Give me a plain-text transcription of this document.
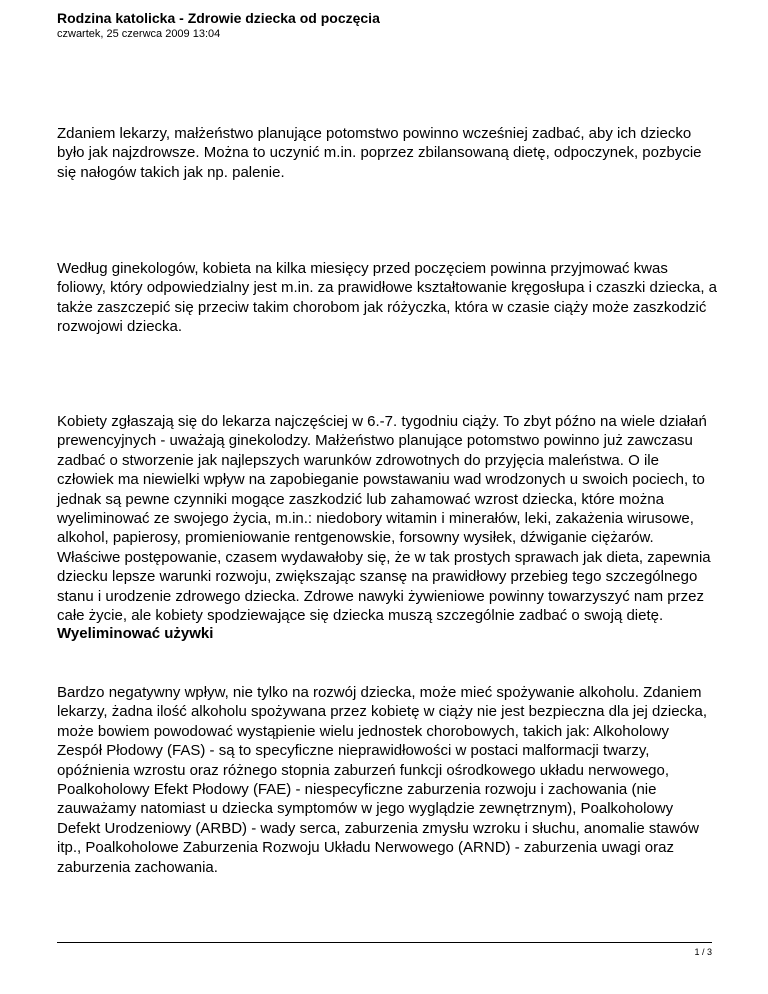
Rodzina katolicka - Zdrowie dziecka od poczęcia

czwartek, 25 czerwca 2009 13:04

Zdaniem lekarzy, małżeństwo planujące potomstwo powinno wcześniej zadbać, aby ich dziecko było jak najzdrowsze. Można to uczynić m.in. poprzez zbilansowaną dietę, odpoczynek, pozbycie się nałogów takich jak np. palenie.

Według ginekologów, kobieta na kilka miesięcy przed poczęciem powinna przyjmować kwas foliowy, który odpowiedzialny jest m.in. za prawidłowe kształtowanie kręgosłupa i czaszki dziecka, a także zaszczepić się przeciw takim chorobom jak różyczka, która w czasie ciąży może zaszkodzić rozwojowi dziecka.

Kobiety zgłaszają się do lekarza najczęściej w 6.-7. tygodniu ciąży. To zbyt późno na wiele działań prewencyjnych - uważają ginekolodzy. Małżeństwo planujące potomstwo powinno już zawczasu zadbać o stworzenie jak najlepszych warunków zdrowotnych do przyjęcia maleństwa. O ile człowiek ma niewielki wpływ na zapobieganie powstawaniu wad wrodzonych u swoich pociech, to jednak są pewne czynniki mogące zaszkodzić lub zahamować wzrost dziecka, które można wyeliminować ze swojego życia, m.in.: niedobory witamin i minerałów, leki, zakażenia wirusowe, alkohol, papierosy, promieniowanie rentgenowskie, forsowny wysiłek, dźwiganie ciężarów. Właściwe postępowanie, czasem wydawałoby się, że w tak prostych sprawach jak dieta, zapewnia dziecku lepsze warunki rozwoju, zwiększając szansę na prawidłowy przebieg tego szczególnego stanu i urodzenie zdrowego dziecka. Zdrowe nawyki żywieniowe powinny towarzyszyć nam przez całe życie, ale kobiety spodziewające się dziecka muszą szczególnie zadbać o swoją dietę.

Wyeliminować używki

Bardzo negatywny wpływ, nie tylko na rozwój dziecka, może mieć spożywanie alkoholu. Zdaniem lekarzy, żadna ilość alkoholu spożywana przez kobietę w ciąży nie jest bezpieczna dla jej dziecka, może bowiem powodować wystąpienie wielu jednostek chorobowych, takich jak: Alkoholowy Zespół Płodowy (FAS) - są to specyficzne nieprawidłowości w postaci malformacji twarzy, opóźnienia wzrostu oraz różnego stopnia zaburzeń funkcji ośrodkowego układu nerwowego, Poalkoholowy Efekt Płodowy (FAE) - niespecyficzne zaburzenia rozwoju i zachowania (nie zauważamy natomiast u dziecka symptomów w jego wyglądzie zewnętrznym), Poalkoholowy Defekt Urodzeniowy (ARBD) - wady serca, zaburzenia zmysłu wzroku i słuchu, anomalie stawów itp., Poalkoholowe Zaburzenia Rozwoju Układu Nerwowego (ARND) - zaburzenia uwagi oraz zaburzenia zachowania.

1 / 3
